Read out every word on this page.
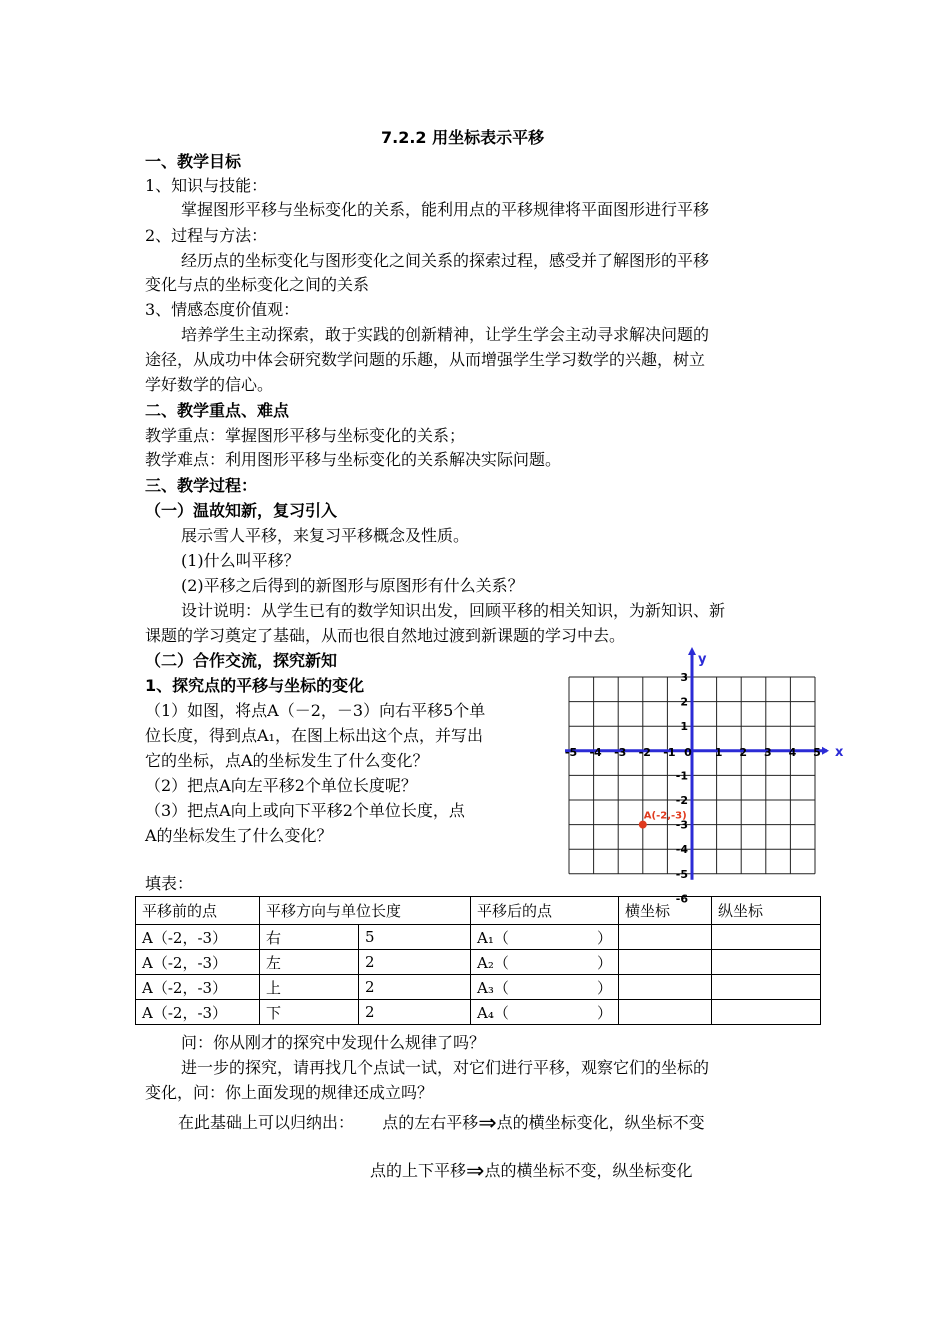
7.2.2 用坐标表示平移
一、教学目标
1、知识与技能：
掌握图形平移与坐标变化的关系，能利用点的平移规律将平面图形进行平移
2、过程与方法：
经历点的坐标变化与图形变化之间关系的探索过程，感受并了解图形的平移
变化与点的坐标变化之间的关系
3、情感态度价值观：
培养学生主动探索，敢于实践的创新精神，让学生学会主动寻求解决问题的
途径，从成功中体会研究数学问题的乐趣，从而增强学生学习数学的兴趣，树立
学好数学的信心。
二、教学重点、难点
教学重点：掌握图形平移与坐标变化的关系；
教学难点：利用图形平移与坐标变化的关系解决实际问题。
三、教学过程：
（一）温故知新，复习引入
展示雪人平移，来复习平移概念及性质。
(1)什么叫平移？
(2)平移之后得到的新图形与原图形有什么关系？
设计说明：从学生已有的数学知识出发，回顾平移的相关知识，为新知识、新
课题的学习奠定了基础，从而也很自然地过渡到新课题的学习中去。
（二）合作交流，探究新知
1、探究点的平移与坐标的变化
（1）如图，将点A（－2，－3）向右平移5个单
位长度，得到点A₁，在图上标出这个点，并写出
它的坐标，点A的坐标发生了什么变化？
（2）把点A向左平移2个单位长度呢？
（3）把点A向上或向下平移2个单位长度，点
A的坐标发生了什么变化？
-5 -4 -3 -2 -1 0 1 2 3 4 5
3
2
1
-1
-2
-3
-4
-5
-6
x
y
A(-2,-3)
填表：
平移前的点	平移方向与单位长度		平移后的点	横坐标	纵坐标
A（-2，-3）	右	5	A₁（ ）		

A（-2，-3）	左	2	A₂（ ）		

A（-2，-3）	上	2	A₃（ ）		

A（-2，-3）	下	2	A₄（ ）		

问：你从刚才的探究中发现什么规律了吗？
进一步的探究，请再找几个点试一试，对它们进行平移，观察它们的坐标的
变化，问：你上面发现的规律还成立吗？
在此基础上可以归纳出： 点的左右平移⇒点的横坐标变化，纵坐标不变
点的上下平移⇒点的横坐标不变，纵坐标变化
